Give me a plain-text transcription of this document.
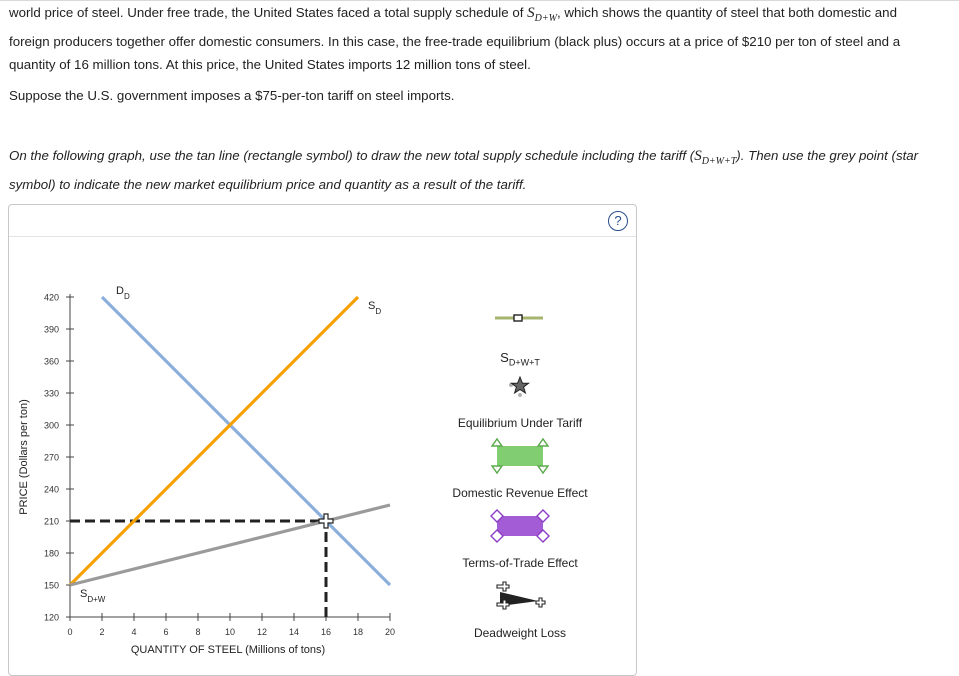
world price of steel. Under free trade, the United States faced a total supply schedule of $S_{D+W}$, which shows the quantity of steel that both domestic and foreign producers together offer domestic consumers. In this case, the free-trade equilibrium (black plus) occurs at a price of $210 per ton of steel and a quantity of 16 million tons. At this price, the United States imports 12 million tons of steel.
Suppose the U.S. government imposes a $75-per-ton tariff on steel imports.
On the following graph, use the tan line (rectangle symbol) to draw the new total supply schedule including the tariff $(S_{D+W+T})$. Then use the grey point (star symbol) to indicate the new market equilibrium price and quantity as a result of the tariff.
?
120
150
180
210
240
270
300
330
360
390
420
0	2	4	6	8	10 12 14 16 18 20
QUANTITY OF STEEL (Millions of tons)
PRICE (Dollars per ton)
$D_D$
$S_D$
$S_{D+W}$
$S_{D+W+T}$
Equilibrium Under Tariff
Domestic Revenue Effect
Terms-of-Trade Effect
Deadweight Loss
